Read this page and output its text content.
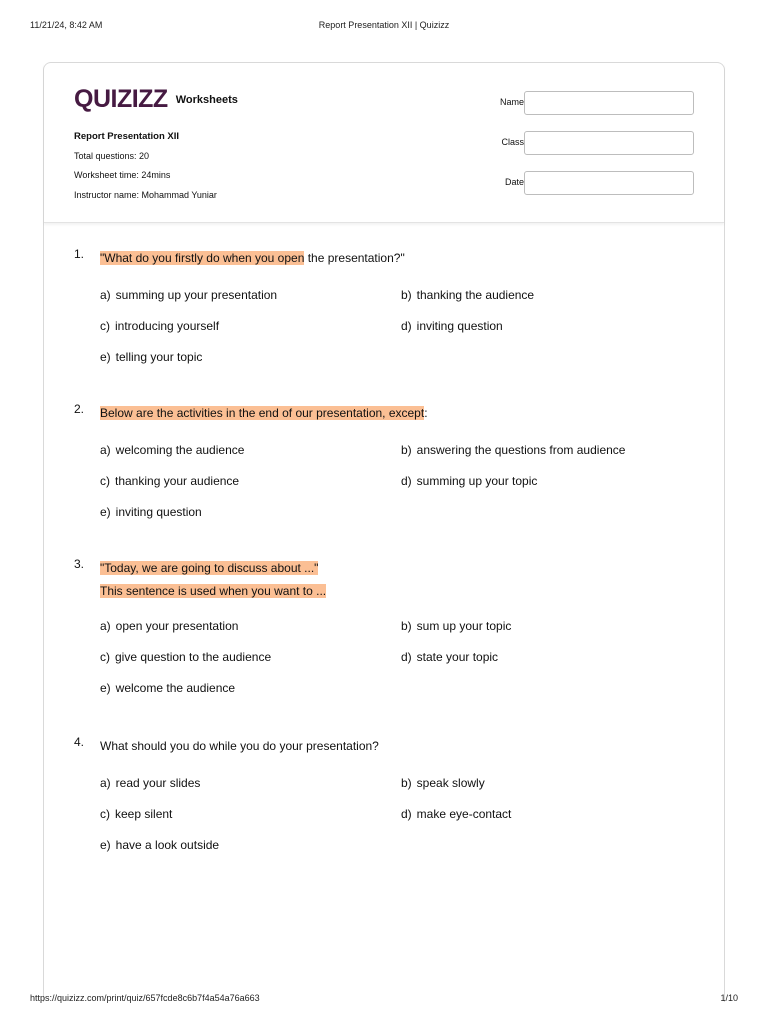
11/21/24, 8:42 AM	Report Presentation XII | Quizizz
QUIZIZZ Worksheets
Report Presentation XII
Total questions: 20
Worksheet time: 24mins
Instructor name: Mohammad Yuniar
Name
Class
Date
1. "What do you firstly do when you open the presentation?"
a) summing up your presentation	b) thanking the audience
c) introducing yourself	d) inviting question
e) telling your topic
2. Below are the activities in the end of our presentation, except:
a) welcoming the audience	b) answering the questions from audience
c) thanking your audience	d) summing up your topic
e) inviting question
3. "Today, we are going to discuss about ..."
This sentence is used when you want to ...
a) open your presentation	b) sum up your topic
c) give question to the audience	d) state your topic
e) welcome the audience
4. What should you do while you do your presentation?
a) read your slides	b) speak slowly
c) keep silent	d) make eye-contact
e) have a look outside
https://quizizz.com/print/quiz/657fcde8c6b7f4a54a76a663	1/10
